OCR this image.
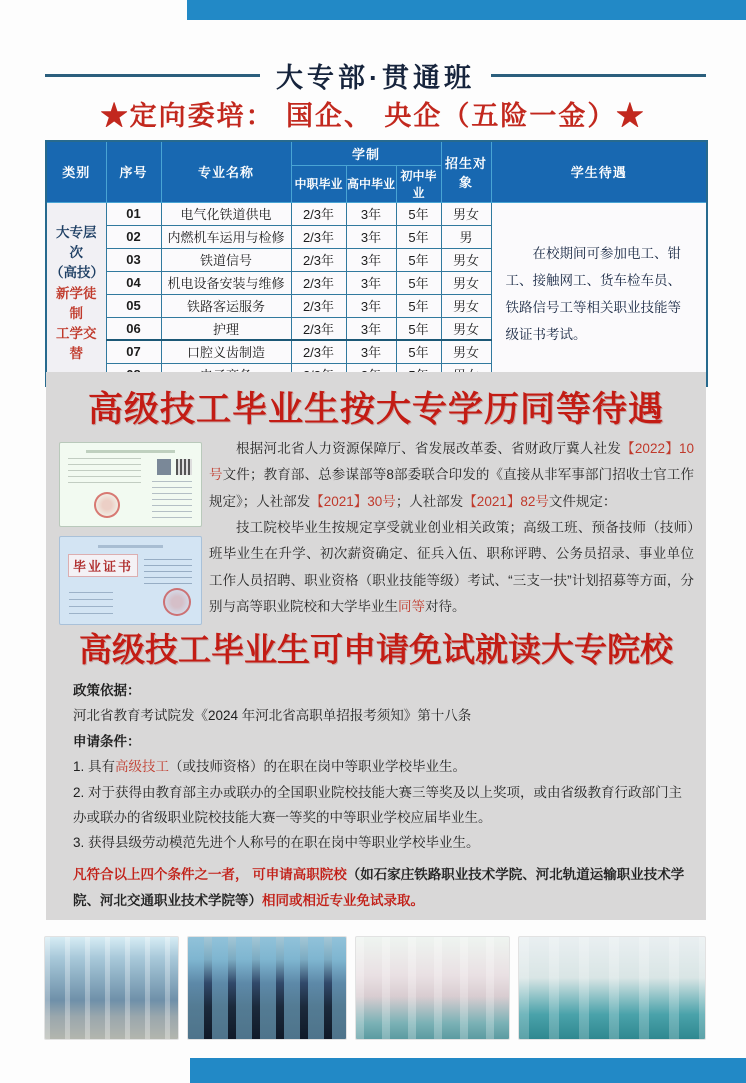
大专部·贯通班
★定向委培： 国企、 央企（五险一金）★
类别	序号	专业名称	学制			招生对象	学生待遇
			中职毕业	高中毕业	初中毕业		

大专层次
（高技）
新学徒制
工学交替	01	电气化铁道供电	2/3年	3年	5年	男女	在校期间可参加电工、钳工、接触网工、货车检车员、铁路信号工等相关职业技能等级证书考试。

	02	内燃机车运用与检修	2/3年	3年	5年	男	
	03	铁道信号	2/3年	3年	5年	男女	
	04	机电设备安装与维修	2/3年	3年	5年	男女	
	05	铁路客运服务	2/3年	3年	5年	男女	
	06	护理	2/3年	3年	5年	男女	
	07	口腔义齿制造	2/3年	3年	5年	男女	

高级技工毕业生按大专学历同等待遇
毕业证书

根据河北省人力资源保障厅、省发展改革委、省财政厅冀人社发【2022】10号文件；教育部、总参谋部等8部委联合印发的《直接从非军事部门招收士官工作规定》；人社部发【2021】30号；人社部发【2021】82号文件规定：

技工院校毕业生按规定享受就业创业相关政策；高级工班、预备技师（技师）班毕业生在升学、初次薪资确定、征兵入伍、职称评聘、公务员招录、事业单位工作人员招聘、职业资格（职业技能等级）考试、“三支一扶”计划招募等方面，分别与高等职业院校和大学毕业生同等对待。

高级技工毕业生可申请免试就读大专院校
政策依据：
河北省教育考试院发《2024 年河北省高职单招报考须知》第十八条
申请条件：
1. 具有高级技工（或技师资格）的在职在岗中等职业学校毕业生。
2. 对于获得由教育部主办或联办的全国职业院校技能大赛三等奖及以上奖项，或由省级教育行政部门主办或联办的省级职业院校技能大赛一等奖的中等职业学校应届毕业生。
3. 获得县级劳动模范先进个人称号的在职在岗中等职业学校毕业生。
凡符合以上四个条件之一者， 可申请高职院校（如石家庄铁路职业技术学院、河北轨道运输职业技术学院、河北交通职业技术学院等）相同或相近专业免试录取。
